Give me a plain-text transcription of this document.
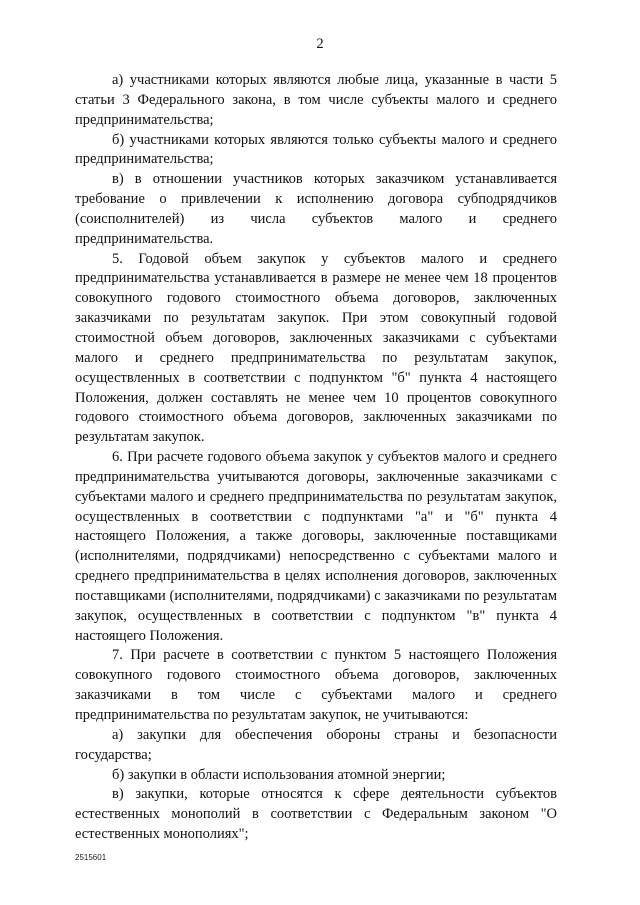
2

а) участниками которых являются любые лица, указанные в части 5 статьи 3 Федерального закона, в том числе субъекты малого и среднего предпринимательства;

б) участниками которых являются только субъекты малого и среднего предпринимательства;

в) в отношении участников которых заказчиком устанавливается требование о привлечении к исполнению договора субподрядчиков (соисполнителей) из числа субъектов малого и среднего предпринимательства.

5. Годовой объем закупок у субъектов малого и среднего предпринимательства устанавливается в размере не менее чем 18 процентов совокупного годового стоимостного объема договоров, заключенных заказчиками по результатам закупок. При этом совокупный годовой стоимостной объем договоров, заключенных заказчиками с субъектами малого и среднего предпринимательства по результатам закупок, осуществленных в соответствии с подпунктом "б" пункта 4 настоящего Положения, должен составлять не менее чем 10 процентов совокупного годового стоимостного объема договоров, заключенных заказчиками по результатам закупок.

6. При расчете годового объема закупок у субъектов малого и среднего предпринимательства учитываются договоры, заключенные заказчиками с субъектами малого и среднего предпринимательства по результатам закупок, осуществленных в соответствии с подпунктами "а" и "б" пункта 4 настоящего Положения, а также договоры, заключенные поставщиками (исполнителями, подрядчиками) непосредственно с субъектами малого и среднего предпринимательства в целях исполнения договоров, заключенных поставщиками (исполнителями, подрядчиками) с заказчиками по результатам закупок, осуществленных в соответствии с подпунктом "в" пункта 4 настоящего Положения.

7. При расчете в соответствии с пунктом 5 настоящего Положения совокупного годового стоимостного объема договоров, заключенных заказчиками в том числе с субъектами малого и среднего предпринимательства по результатам закупок, не учитываются:

а) закупки для обеспечения обороны страны и безопасности государства;

б) закупки в области использования атомной энергии;

в) закупки, которые относятся к сфере деятельности субъектов естественных монополий в соответствии с Федеральным законом "О естественных монополиях";

2515601
